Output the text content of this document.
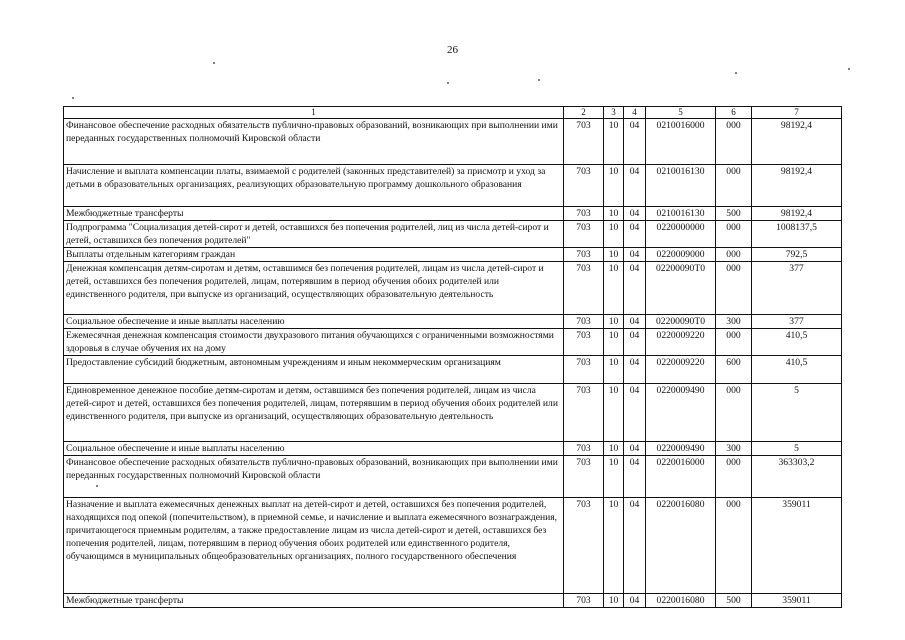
26
1	2	3	4	5	6	7
Финансовое обеспечение расходных обязательств публично-правовых образований, возникающих при выполнении ими переданных государственных полномочий Кировской области	703	10	04	0210016000	000	98192,4
Начисление и выплата компенсации платы, взимаемой с родителей (законных представителей) за присмотр и уход за детьми в образовательных организациях, реализующих образовательную программу дошкольного образования	703	10	04	0210016130	000	98192,4
Межбюджетные трансферты	703	10	04	0210016130	500	98192,4
Подпрограмма "Социализация детей-сирот и детей, оставшихся без попечения родителей, лиц из числа детей-сирот и детей, оставшихся без попечения родителей"	703	10	04	0220000000	000	1008137,5
Выплаты отдельным категориям граждан	703	10	04	0220009000	000	792,5
Денежная компенсация детям-сиротам и детям, оставшимся без попечения родителей, лицам из числа детей-сирот и детей, оставшихся без попечения родителей, лицам, потерявшим в период обучения обоих родителей или единственного родителя, при выпуске из организаций, осуществляющих образовательную деятельность	703	10	04	02200090Т0	000	377
Социальное обеспечение и иные выплаты населению	703	10	04	02200090Т0	300	377
Ежемесячная денежная компенсация стоимости двухразового питания обучающихся с ограниченными возможностями здоровья в случае обучения их на дому	703	10	04	0220009220	000	410,5
Предоставление субсидий бюджетным, автономным учреждениям и иным некоммерческим организациям	703	10	04	0220009220	600	410,5
Единовременное денежное пособие детям-сиротам и детям, оставшимся без попечения родителей, лицам из числа детей-сирот и детей, оставшихся без попечения родителей, лицам, потерявшим в период обучения обоих родителей или единственного родителя, при выпуске из организаций, осуществляющих образовательную деятельность	703	10	04	0220009490	000	5
Социальное обеспечение и иные выплаты населению	703	10	04	0220009490	300	5
Финансовое обеспечение расходных обязательств публично-правовых образований, возникающих при выполнении ими переданных государственных полномочий Кировской области	703	10	04	0220016000	000	363303,2
Назначение и выплата ежемесячных денежных выплат на детей-сирот и детей, оставшихся без попечения родителей, находящихся под опекой (попечительством), в приемной семье, и начисление и выплата ежемесячного вознаграждения, причитающегося приемным родителям, а также предоставление лицам из числа детей-сирот и детей, оставшихся без попечения родителей, лицам, потерявшим в период обучения обоих родителей или единственного родителя, обучающимся в муниципальных общеобразовательных организациях, полного государственного обеспечения	703	10	04	0220016080	000	359011
Межбюджетные трансферты	703	10	04	0220016080	500	359011
